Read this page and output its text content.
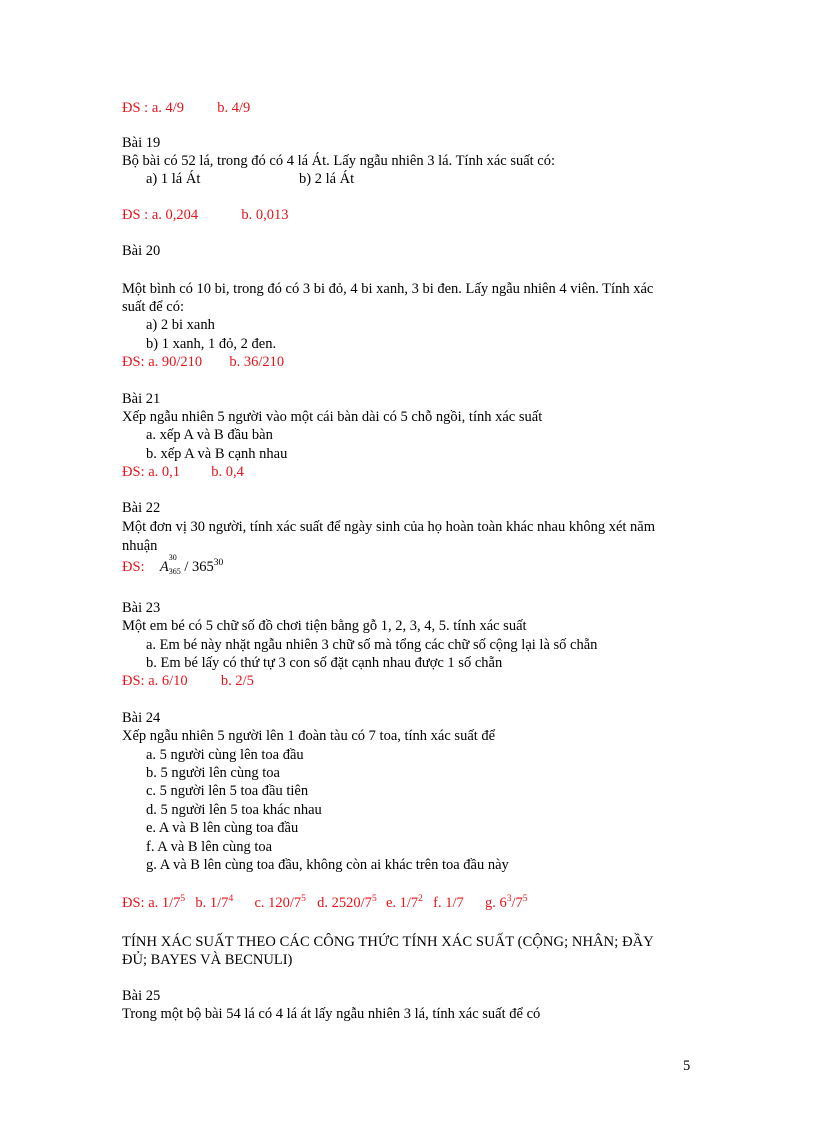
ĐS : a. 4/9 b. 4/9
Bài 19
Bộ bài có 52 lá, trong đó có 4 lá Át. Lấy ngẫu nhiên 3 lá. Tính xác suất có:
a) 1 lá Át	b) 2 lá Át
ĐS : a. 0,204	b. 0,013
Bài 20
Một bình có 10 bi, trong đó có 3 bi đỏ, 4 bi xanh, 3 bi đen. Lấy ngẫu nhiên 4 viên. Tính xác
suất để có:
a) 2 bi xanh
b) 1 xanh, 1 đỏ, 2 đen.
ĐS: a. 90/210 b. 36/210
Bài 21
Xếp ngẫu nhiên 5 người vào một cái bàn dài có 5 chỗ ngồi, tính xác suất
a. xếp A và B đầu bàn
b. xếp A và B cạnh nhau
ĐS: a. 0,1 b. 0,4
Bài 22
Một đơn vị 30 người, tính xác suất để ngày sinh của họ hoàn toàn khác nhau không xét năm
nhuận
ĐS: A
30
$365 / 365^{30}$
Bài 23
Một em bé có 5 chữ số đồ chơi tiện bằng gỗ 1, 2, 3, 4, 5. tính xác suất
a. Em bé này nhặt ngẫu nhiên 3 chữ số mà tổng các chữ số cộng lại là số chẵn
b. Em bé lấy có thứ tự 3 con số đặt cạnh nhau được 1 số chẵn
ĐS: a. 6/10 b. 2/5
Bài 24
Xếp ngẫu nhiên 5 người lên 1 đoàn tàu có 7 toa, tính xác suất để
a. 5 người cùng lên toa đầu
b. 5 người lên cùng toa
c. 5 người lên 5 toa đầu tiên
d. 5 người lên 5 toa khác nhau
e. A và B lên cùng toa đầu
f. A và B lên cùng toa
g. A và B lên cùng toa đầu, không còn ai khác trên toa đầu này
ĐS: a. $1/7^5$ b. $1/7^4$ c. $120/7^5$ d. $2520/7^5$ e. $1/7^2$ f. 1/7 g. $6^3/7^5$
TÍNH XÁC SUẤT THEO CÁC CÔNG THỨC TÍNH XÁC SUẤT (CỘNG; NHÂN; ĐẦY
ĐỦ; BAYES VÀ BECNULI)
Bài 25
Trong một bộ bài 54 lá có 4 lá át lấy ngẫu nhiên 3 lá, tính xác suất để có
5
